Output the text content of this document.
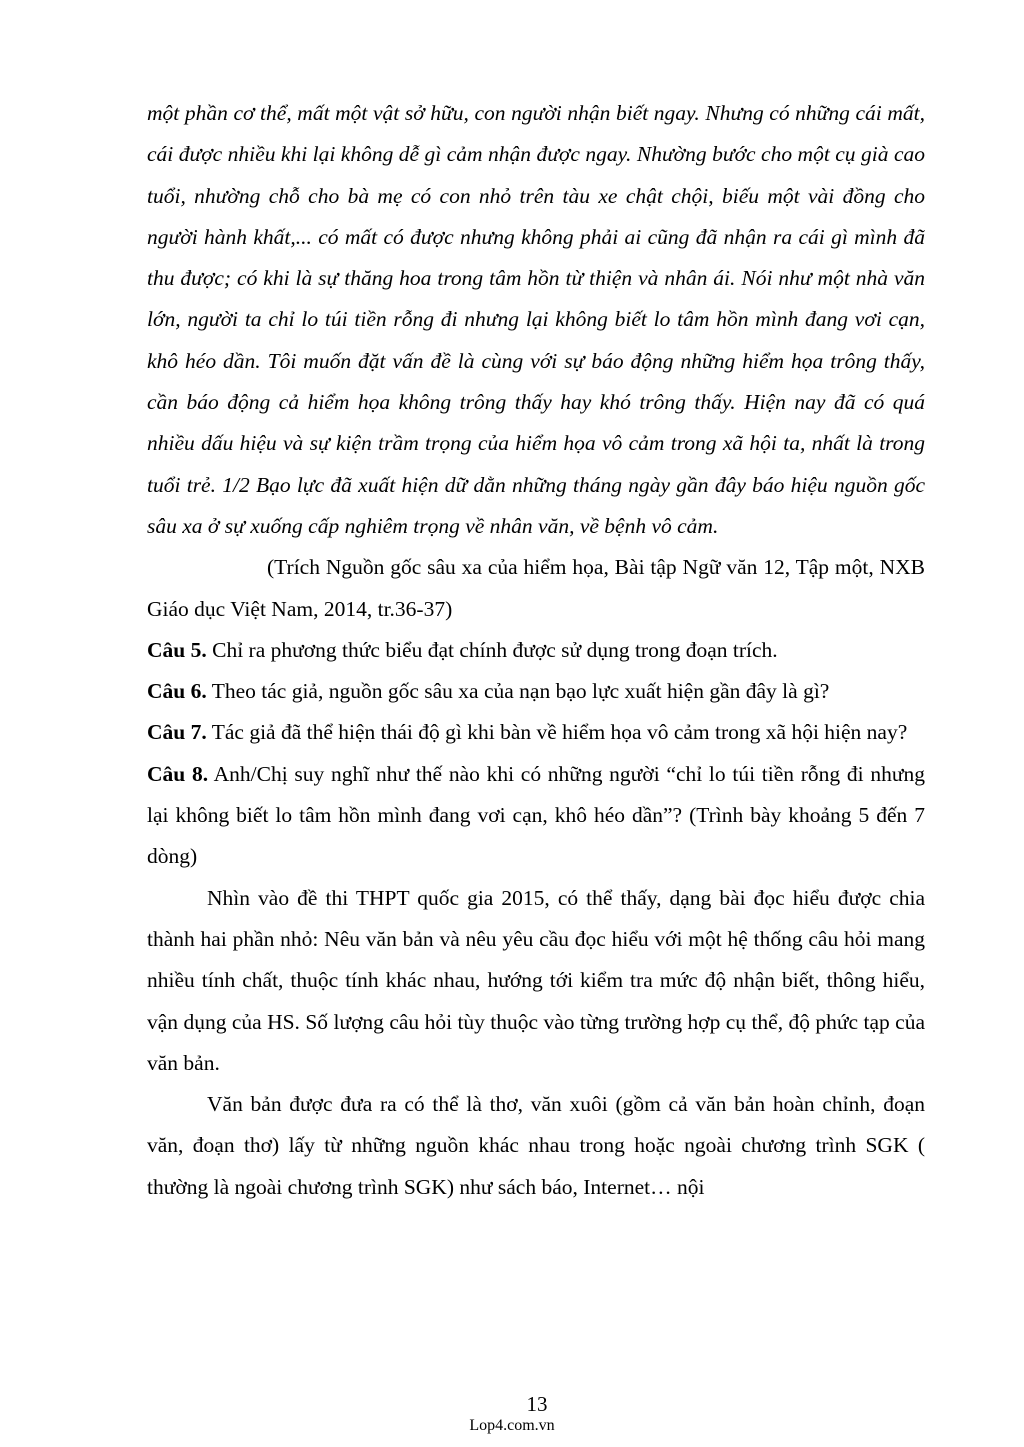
một phần cơ thể, mất một vật sở hữu, con người nhận biết ngay. Nhưng có những cái mất, cái được nhiều khi lại không dễ gì cảm nhận được ngay. Nhường bước cho một cụ già cao tuổi, nhường chỗ cho bà mẹ có con nhỏ trên tàu xe chật chội, biếu một vài đồng cho người hành khất,... có mất có được nhưng không phải ai cũng đã nhận ra cái gì mình đã thu được; có khi là sự thăng hoa trong tâm hồn từ thiện và nhân ái. Nói như một nhà văn lớn, người ta chỉ lo túi tiền rỗng đi nhưng lại không biết lo tâm hồn mình đang vơi cạn, khô héo dần. Tôi muốn đặt vấn đề là cùng với sự báo động những hiểm họa trông thấy, cần báo động cả hiểm họa không trông thấy hay khó trông thấy. Hiện nay đã có quá nhiều dấu hiệu và sự kiện trầm trọng của hiểm họa vô cảm trong xã hội ta, nhất là trong tuổi trẻ. 1/2 Bạo lực đã xuất hiện dữ dằn những tháng ngày gần đây báo hiệu nguồn gốc sâu xa ở sự xuống cấp nghiêm trọng về nhân văn, về bệnh vô cảm.

(Trích Nguồn gốc sâu xa của hiểm họa, Bài tập Ngữ văn 12, Tập một, NXB Giáo dục Việt Nam, 2014, tr.36-37)

Câu 5. Chỉ ra phương thức biểu đạt chính được sử dụng trong đoạn trích.

Câu 6. Theo tác giả, nguồn gốc sâu xa của nạn bạo lực xuất hiện gần đây là gì?

Câu 7. Tác giả đã thể hiện thái độ gì khi bàn về hiểm họa vô cảm trong xã hội hiện nay?

Câu 8. Anh/Chị suy nghĩ như thế nào khi có những người “chỉ lo túi tiền rỗng đi nhưng lại không biết lo tâm hồn mình đang vơi cạn, khô héo dần”? (Trình bày khoảng 5 đến 7 dòng)

Nhìn vào đề thi THPT quốc gia 2015, có thể thấy, dạng bài đọc hiểu được chia thành hai phần nhỏ: Nêu văn bản và nêu yêu cầu đọc hiểu với một hệ thống câu hỏi mang nhiều tính chất, thuộc tính khác nhau, hướng tới kiểm tra mức độ nhận biết, thông hiểu, vận dụng của HS. Số lượng câu hỏi tùy thuộc vào từng trường hợp cụ thể, độ phức tạp của văn bản.

Văn bản được đưa ra có thể là thơ, văn xuôi (gồm cả văn bản hoàn chỉnh, đoạn văn, đoạn thơ) lấy từ những nguồn khác nhau trong hoặc ngoài chương trình SGK ( thường là ngoài chương trình SGK) như sách báo, Internet… nội

13
Lop4.com.vn
